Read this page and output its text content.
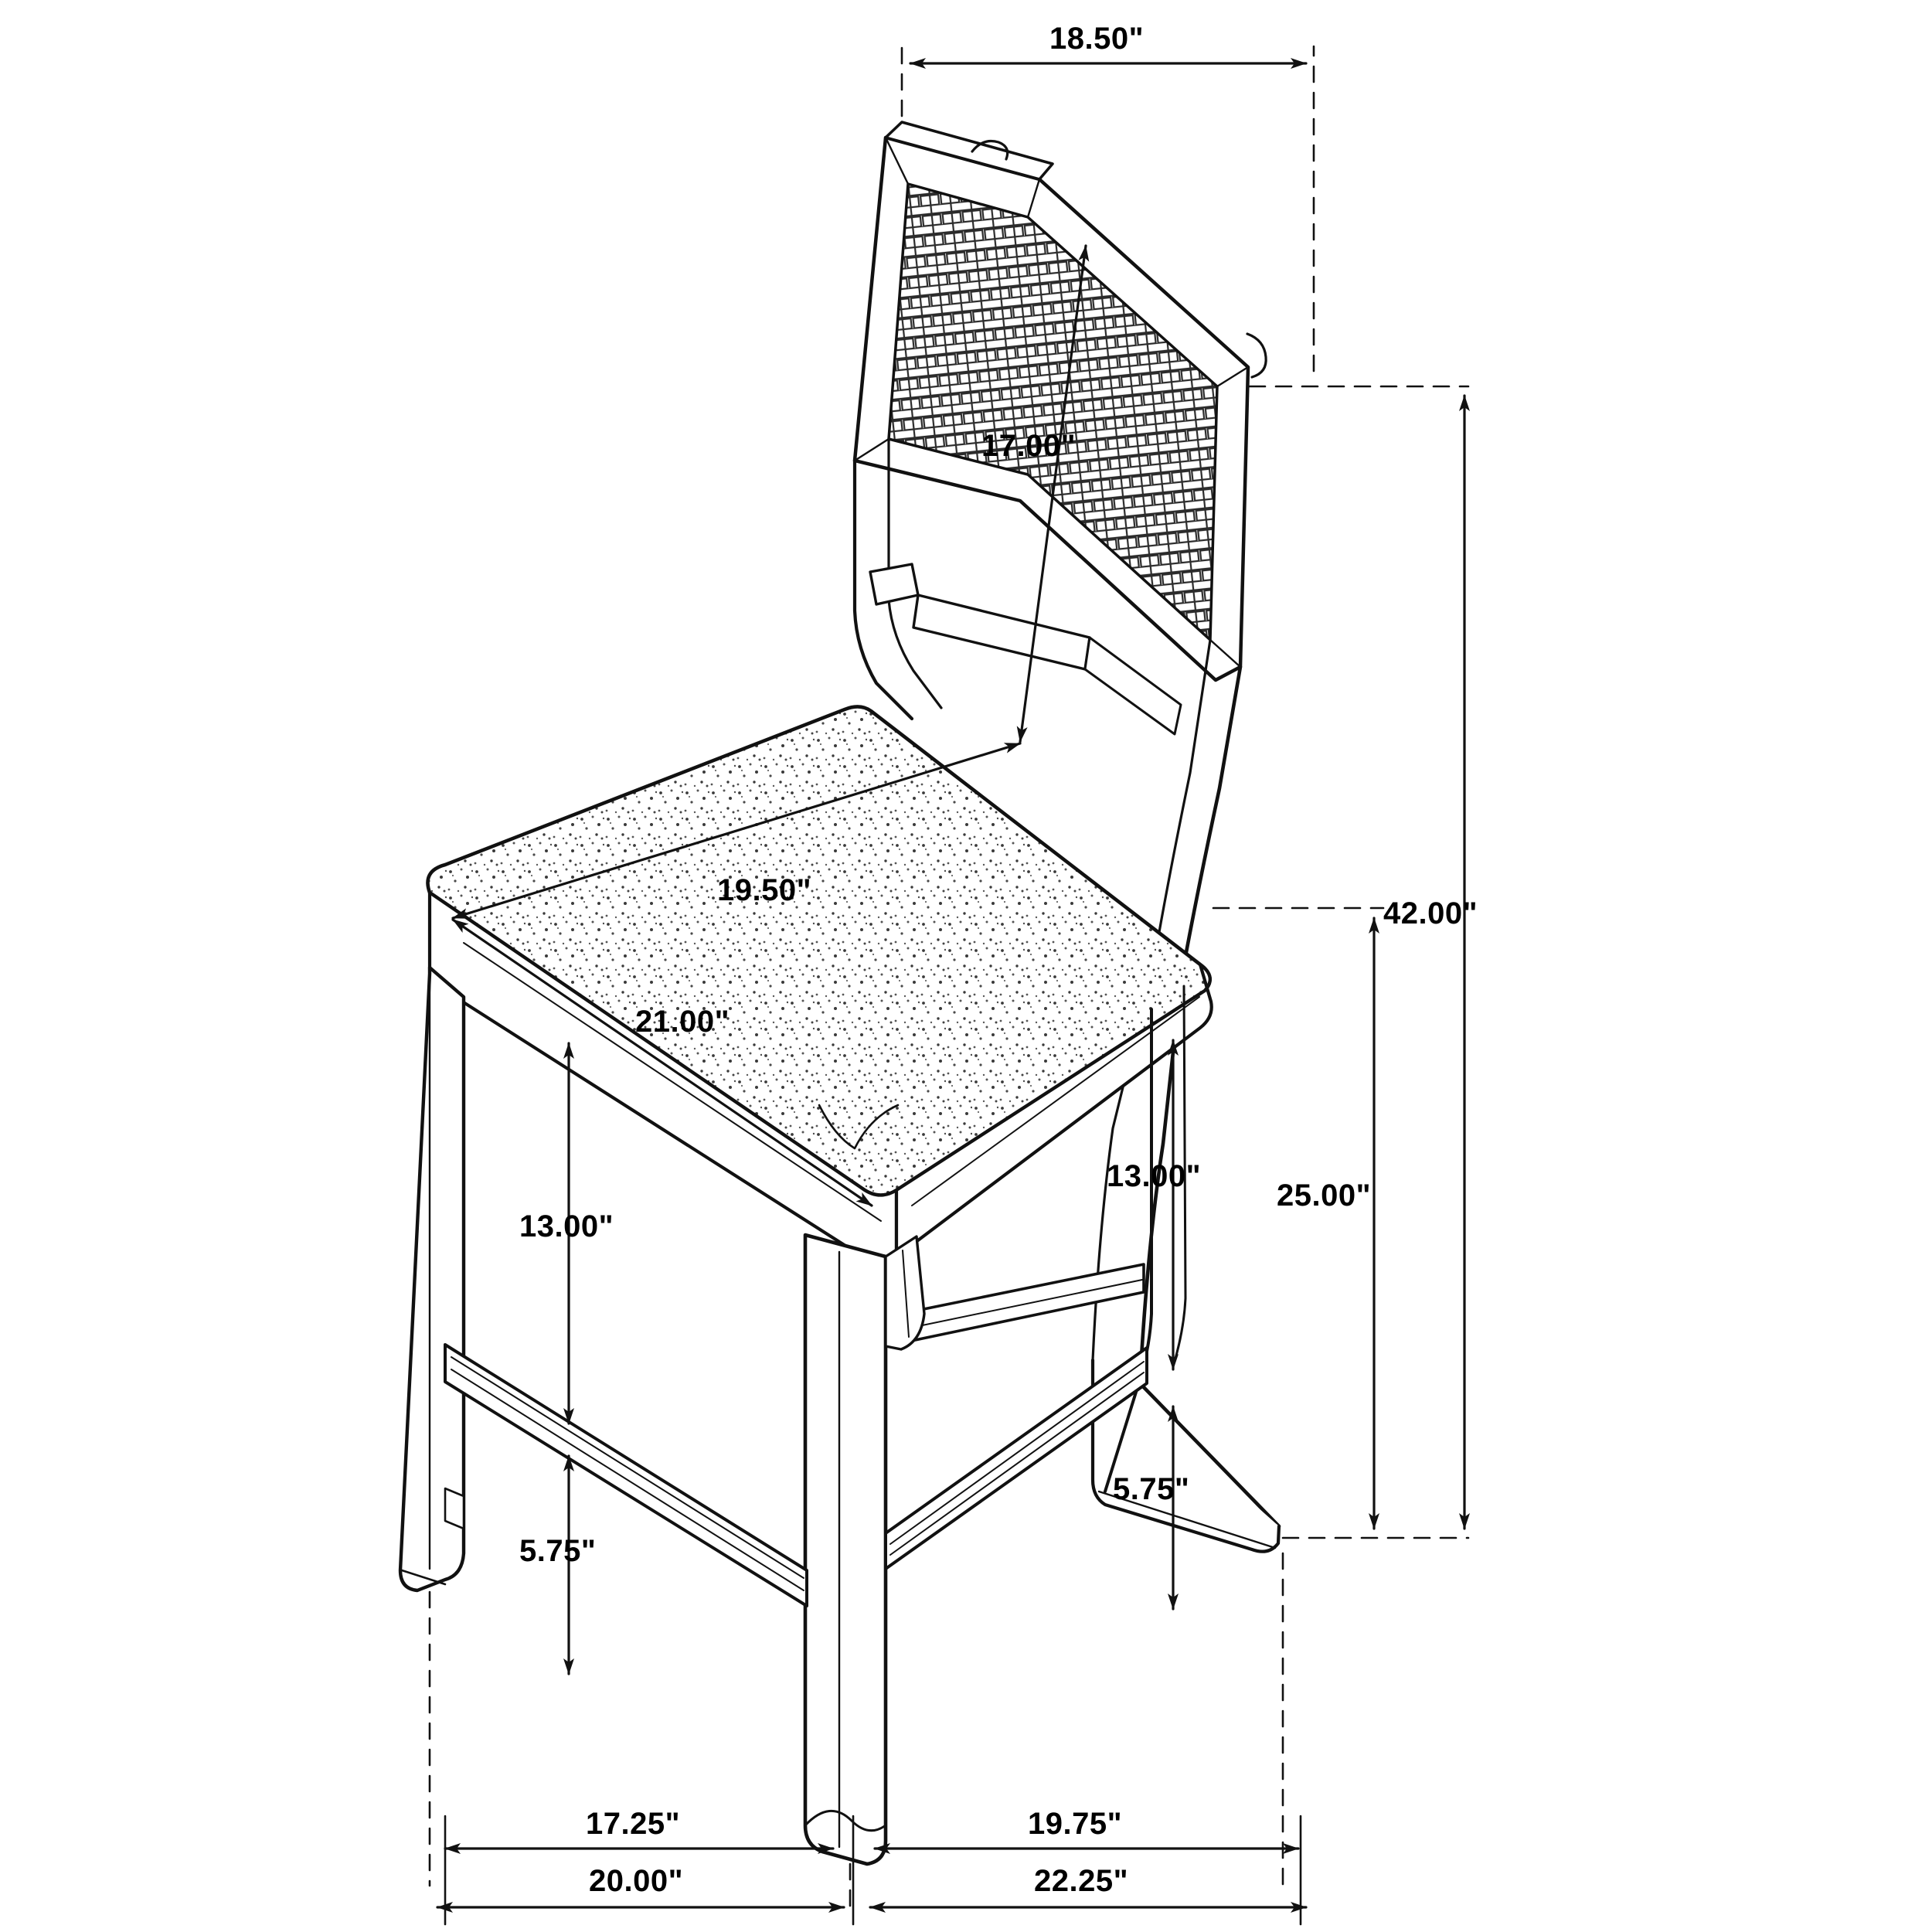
18.50"
17.00"
42.00"
25.00"
19.50"
21.00"
13.00"
13.00"
5.75"
5.75"
17.25"	19.75"
20.00"	22.25"
